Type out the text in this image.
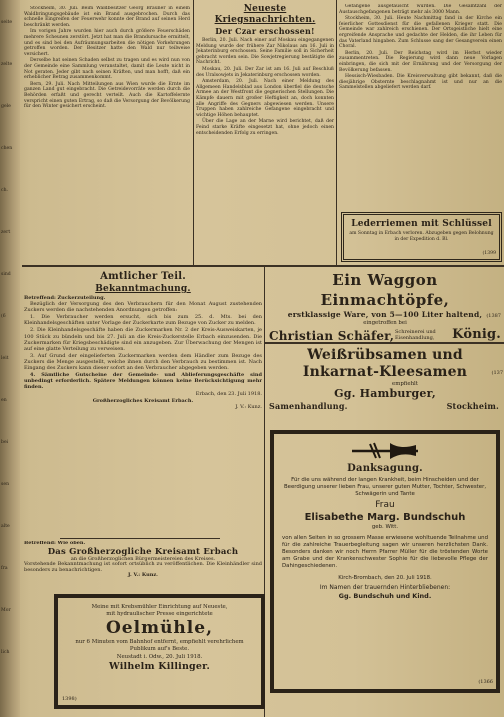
seite
zelte
gele
chen
ch.
zert
sind
(6
leit
en
bei
sen
alte
fra
Mor
lich

Stockheim, 30. Juli. Beim Waldbesitzer Georg Brauner in einem Waldbringungsgebäude ist ein Brand ausgebrochen. Durch das schnelle Eingreifen der Feuerwehr konnte der Brand auf seinen Herd beschränkt werden.

Im vorigen Jahre wurden hier auch durch größere Feuerschäden mehrere Scheunen zerstört. Jetzt hat man die Brandursache ermittelt, und es sind bei den Aufräumungsarbeiten die nötigen Vorkehrungen getroffen worden. Der Besitzer hatte den Wald nur teilweise versichert.

Derselbe hat seinen Schaden selbst zu tragen und es wird nun von der Gemeinde eine Sammlung veranstaltet, damit die Leute nicht in Not geraten. Jeder gibt nach seinen Kräften, und man hofft, daß ein erheblicher Betrag zusammenkommt.

Bern, 29. Juli. Nach Mitteilungen aus Wien wurde die Ernte im ganzen Land gut eingebracht. Die Getreidevorräte werden durch die Behörden erfaßt und gerecht verteilt. Auch die Kartoffelernte verspricht einen guten Ertrag, so daß die Versorgung der Bevölkerung für den Winter gesichert erscheint.

Neueste Kriegsnachrichten.
Der Czar erschossen!

Berlin, 20. Juli. Nach einer auf Moskau eingegangenen Meldung wurde der frühere Zar Nikolaus am 16. Juli in Jekaterinburg erschossen. Seine Familie soll in Sicherheit gebracht worden sein. Die Sowjetregierung bestätigte die Nachricht.

Moskau, 20. Juli. Der Zar ist am 16. Juli auf Beschluß des Uralsowjets in Jekaterinburg erschossen worden.

Amsterdam, 20. Juli. Nach einer Meldung des Allgemeen Handelsblad aus London überfiel die deutsche Armee an der Westfront die gegnerischen Stellungen. Die Kämpfe dauern mit großer Heftigkeit an, doch konnten alle Angriffe des Gegners abgewiesen werden. Unsere Truppen haben zahlreiche Gefangene eingebracht und wichtige Höhen behauptet.

Über die Lage an der Marne wird berichtet, daß der Feind starke Kräfte eingesetzt hat, ohne jedoch einen entscheidenden Erfolg zu erringen.

Gefangene ausgetauscht wurden. Die Gesamtzahl der Austauschgefangenen beträgt mehr als 3000 Mann.

Stockheim, 30. Juli. Heute Nachmittag fand in der Kirche ein feierlicher Gottesdienst für die gefallenen Krieger statt. Die Gemeinde war zahlreich erschienen. Der Ortsgeistliche hielt eine ergreifende Ansprache und gedachte der Helden, die ihr Leben für das Vaterland hingaben. Zum Schlusse sang der Gesangverein einen Choral.

Berlin, 20. Juli. Der Reichstag wird im Herbst wieder zusammentreten. Die Regierung wird dann neue Vorlagen einbringen, die sich mit der Ernährung und der Versorgung der Bevölkerung befassen.

Hessisch-Wiesbaden. Die Kreisverwaltung gibt bekannt, daß die diesjährige Obsternte beschlagnahmt ist und nur an die Sammelstellen abgeliefert werden darf.

Lederriemen mit Schlüssel
am Sonntag in Erbach verloren. Abzugeben gegen Belohnung in der Expedition d. Bl.
(1399
Amtlicher Teil.
Bekanntmachung.
Betreffend: Zuckerzuteilung.

Bezüglich der Versorgung des den Verbrauchern für den Monat August zustehenden Zuckers werden die nachstehenden Anordnungen getroffen:

1. Die Verbraucher werden ersucht, sich bis zum 25. d. Mts. bei den Kleinhandelsgeschäften unter Vorlage der Zuckerkarte zum Bezuge von Zucker zu melden.

2. Die Kleinhandelsgeschäfte haben die Zuckermarken Nr. 2 der Kreis-Ausweiskarten, je 100 Stück zu bündeln und bis 27. Juli an die Kreis-Zuckerstelle Erbach einzusenden. Die Zuckermarken für Kriegsbeschädigte sind ein anzugeben. Zur Überwachung der Mengen ist auf eine glatte Verteilung zu verweisen.

3. Auf Grund der eingelieferten Zuckermarken werden dem Händler zum Bezuge des Zuckers die Menge ausgestellt, welche ihnen durch den Verbrauch zu bestimmen ist. Nach Eingang des Zuckers kann dieser sofort an den Verbraucher abgegeben werden.

4. Sämtliche Gutscheine der Gemeinde- und Ablieferungsgeschäfte sind unbedingt erforderlich. Spätere Meldungen können keine Berücksichtigung mehr finden.

Erbach, den 23. Juli 1918.
Großherzogliches Kreisamt Erbach.
J. V.: Kunz.
Betreffend: Wie oben.
Das Großherzogliche Kreisamt Erbach
an die Großherzoglichen Bürgermeistereien des Kreises.
Vorstehende Bekanntmachung ist sofort ortsüblich zu veröffentlichen. Die Kleinhändler sind besonders zu benachrichtigen.
J. V.: Kunz.
Meine mit Krebsmühler Einrichtung auf Neueste,
mit hydraulischer Presse eingerichtete
Oelmühle,
nur 6 Minuten vom Bahnhof entfernt, empfiehlt verehrlichem Publikum auf's Beste.
Neustadt i. Odw., 20. Juli 1918.
Wilhelm Killinger.
1398)
Ein Waggon Einmachtöpfe,
erstklassige Ware, von 5—100 Liter haltend,
eingetroffen bei
Christian Schäfer, Schreinerei und
Eisenhandlung, König.
(1387
Weißrübsamen und
Inkarnat-Kleesamen
empfiehlt
Gg. Hamburger,
Samenhandlung.	Stockheim.
(137
Danksagung.
Für die uns während der langen Krankheit, beim Hinscheiden und der Beerdigung unserer lieben Frau, unserer guten Mutter, Tochter, Schwester, Schwägerin und Tante
Frau
Elisabethe Marg. Bundschuh
geb. Witt.
von allen Seiten in so grossem Masse erwiesene wohltuende Teilnahme und für die zahlreiche Trauerbegleitung sagen wir unseren herzlichsten Dank. Besonders danken wir noch Herrn Pfarrer Müller für die tröstenden Worte am Grabe und der Krankenschwester Sophie für die liebevolle Pflege der Dahingeschiedenen.
Kirch-Brombach, den 20. Juli 1918.
Im Namen der trauernden Hinterbliebenen:
Gg. Bundschuh und Kind.
(1366
